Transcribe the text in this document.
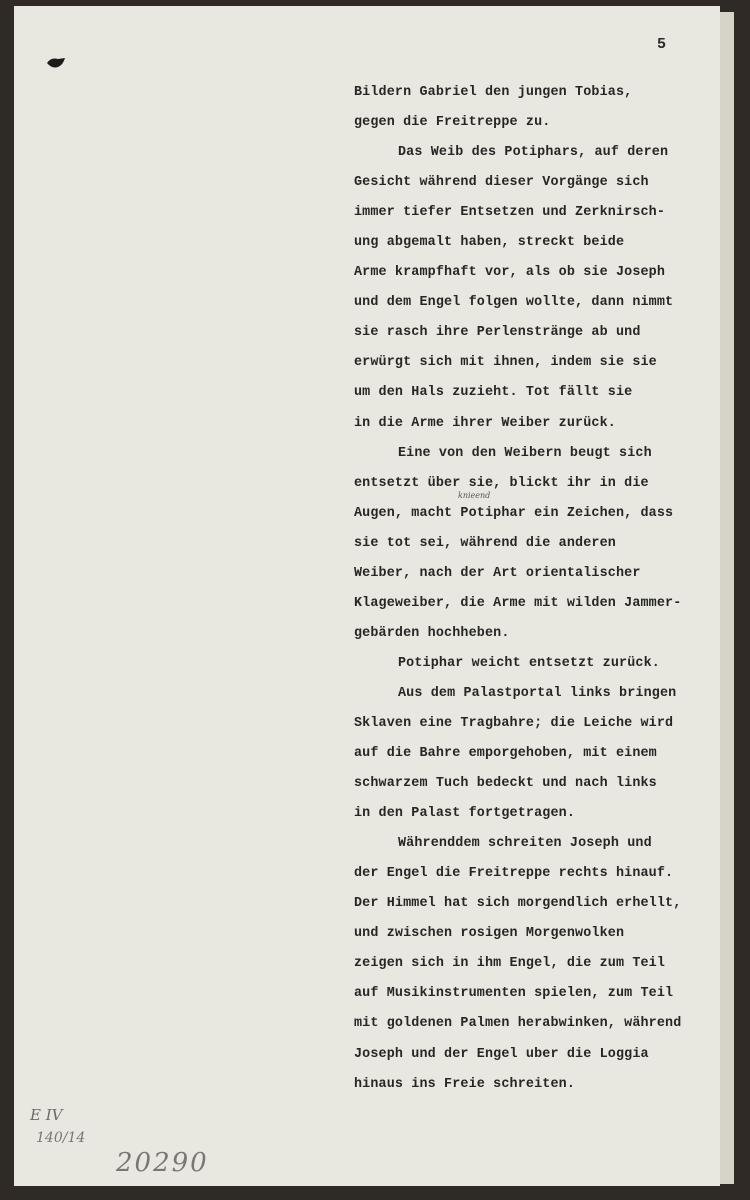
5
Bildern Gabriel den jungen Tobias,
gegen die Freitreppe zu.
Das Weib des Potiphars, auf deren
Gesicht während dieser Vorgänge sich
immer tiefer Entsetzen und Zerknirsch-
ung abgemalt haben, streckt beide
Arme krampfhaft vor, als ob sie Joseph
und dem Engel folgen wollte, dann nimmt
sie rasch ihre Perlenstränge ab und
erwürgt sich mit ihnen, indem sie sie
um den Hals zuzieht. Tot fällt sie
in die Arme ihrer Weiber zurück.
Eine von den Weibern beugt sich
entsetzt über sie, blickt ihr in die
Augen, macht Potiphar ein Zeichen, dass
sie tot sei, während die anderen
Weiber, nach der Art orientalischer
Klageweiber, die Arme mit wilden Jammer-
gebärden hochheben.
Potiphar weicht entsetzt zurück.
Aus dem Palastportal links bringen
Sklaven eine Tragbahre; die Leiche wird
auf die Bahre emporgehoben, mit einem
schwarzem Tuch bedeckt und nach links
in den Palast fortgetragen.
Währenddem schreiten Joseph und
der Engel die Freitreppe rechts hinauf.
Der Himmel hat sich morgendlich erhellt,
und zwischen rosigen Morgenwolken
zeigen sich in ihm Engel, die zum Teil
auf Musikinstrumenten spielen, zum Teil
mit goldenen Palmen herabwinken, während
Joseph und der Engel uber die Loggia
hinaus ins Freie schreiten.
knieend
E IV
140/14
20290
